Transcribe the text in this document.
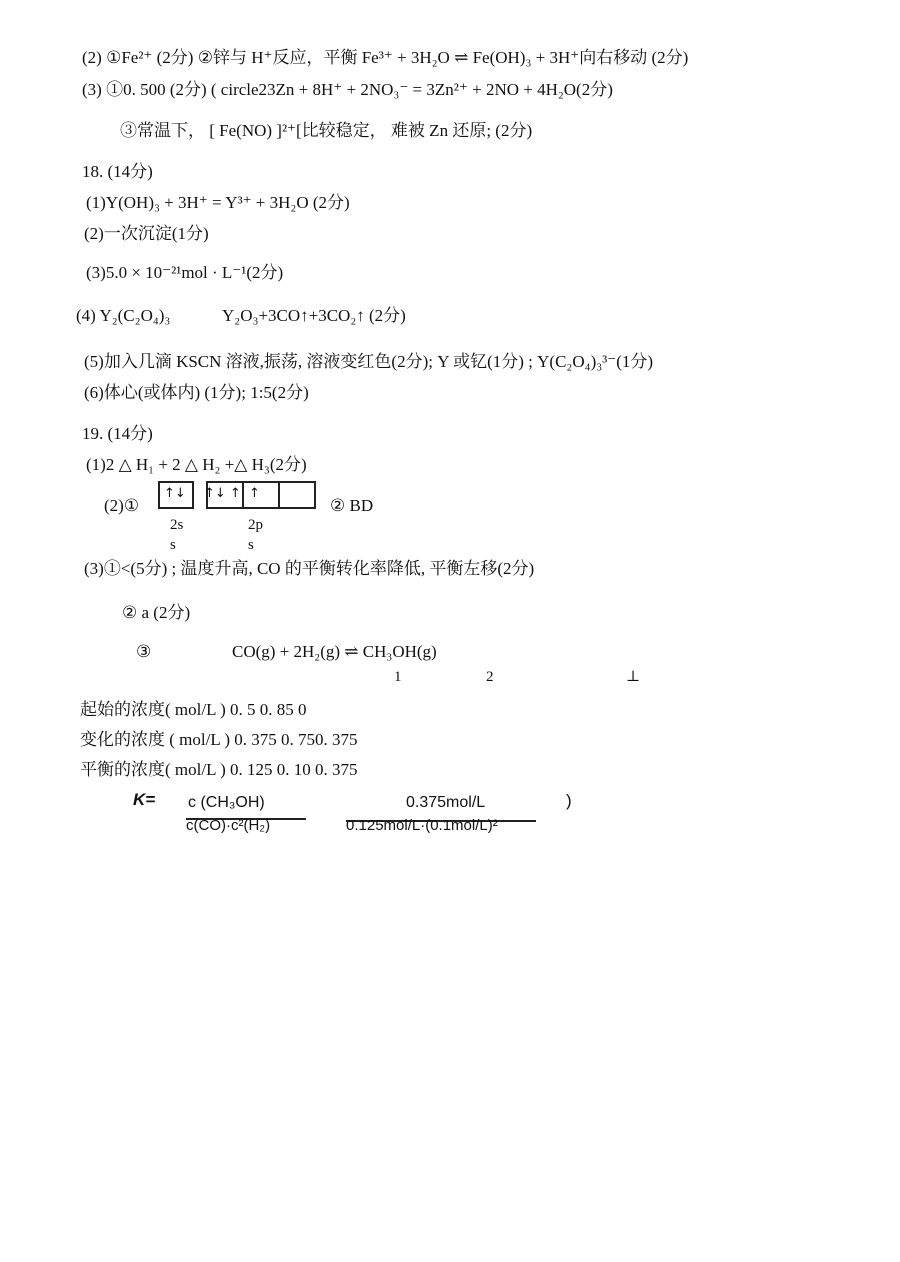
(2) ①Fe²⁺ (2分) ②锌与 H⁺反应，平衡 Fe³⁺ + 3H₂O ⇌ Fe(OH)₃ + 3H⁺向右移动 (2分)
(3) ①0. 500 (2分) ( circle23Zn + 8H⁺ + 2NO₃⁻ = 3Zn²⁺ + 2NO + 4H₂O(2分)
③常温下， [ Fe(NO) ]²⁺[比较稳定， 难被 Zn 还原; (2分)
18. (14分)
(1)Y(OH)₃ + 3H⁺ = Y³⁺ + 3H₂O (2分)
(2)一次沉淀(1分)
(3)5.0 × 10⁻²¹mol · L⁻¹(2分)
(4) Y₂(C₂O₄)₃	Y₂O₃+3CO↑+3CO₂↑ (2分)
(5)加入几滴 KSCN 溶液,振荡, 溶液变红色(2分); Y 或钇(1分) ; Y(C₂O₄)₃³⁻(1分)
(6)体心(或体内) (1分); 1:5(2分)
19. (14分)
(1)2 △ H₁ + 2 △ H₂ +△ H₃(2分)
(2)①
↑↓	↑↓ ↑ ↑
2s
s
2p
s
② BD
(3)①<(5分) ; 温度升高, CO 的平衡转化率降低, 平衡左移(2分)
② a (2分)
③	CO(g) + 2H₂(g) ⇌ CH₃OH(g)
1	2	⊥
起始的浓度( mol/L ) 0. 5 0. 85 0
变化的浓度 ( mol/L ) 0. 375 0. 750. 375
平衡的浓度( mol/L ) 0. 125 0. 10 0. 375
K= c (CH₃OH)
c(CO)·c²(H₂)
0.375mol/L
0.125mol/L·(0.1mol/L)²
)
